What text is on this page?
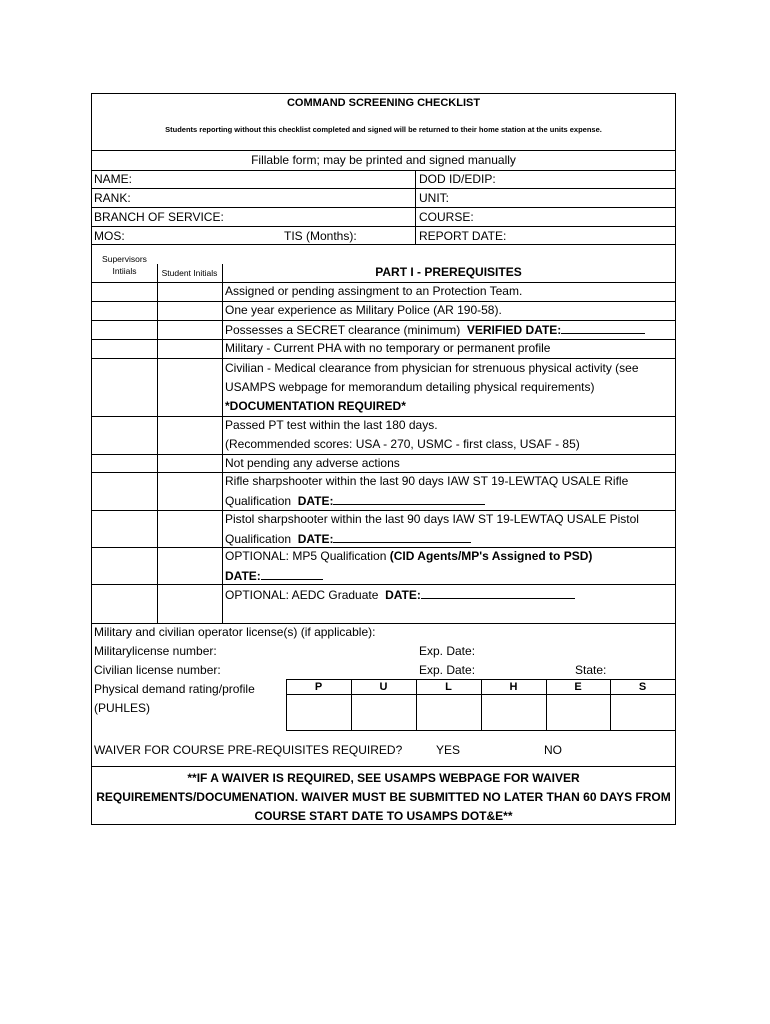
COMMAND SCREENING CHECKLIST
Students reporting without this checklist completed and signed will be returned to their home station at the units expense.
Fillable form; may be printed and signed manually
NAME:	DOD ID/EDIP:
RANK:	UNIT:
BRANCH OF SERVICE:	COURSE:
MOS:	TIS (Months):	REPORT DATE:
Supervisors
Intiials	Student Initials	PART I - PREREQUISITES
Assigned or pending assingment to an Protection Team.
One year experience as Military Police (AR 190-58).
Possesses a SECRET clearance (minimum)  VERIFIED DATE:
Military - Current PHA with no temporary or permanent profile
Civilian - Medical clearance from physician for strenuous physical activity (see
USAMPS webpage for memorandum detailing physical requirements)
*DOCUMENTATION REQUIRED*
Passed PT test within the last 180 days.
(Recommended scores: USA - 270, USMC - first class, USAF - 85)
Not pending any adverse actions
Rifle sharpshooter within the last 90 days IAW ST 19-LEWTAQ USALE Rifle
Qualification  DATE:
Pistol sharpshooter within the last 90 days IAW ST 19-LEWTAQ USALE Pistol
Qualification  DATE:
OPTIONAL: MP5 Qualification (CID Agents/MP's Assigned to PSD)
DATE:
OPTIONAL: AEDC Graduate  DATE:
Military and civilian operator license(s) (if applicable):
Militarylicense number:	Exp. Date:
Civilian license number:	Exp. Date:	State:
Physical demand rating/profile
(PUHLES)
P	U	L	H	E	S
WAIVER FOR COURSE PRE-REQUISITES REQUIRED?	YES	NO
**IF A WAIVER IS REQUIRED, SEE USAMPS WEBPAGE FOR WAIVER
REQUIREMENTS/DOCUMENATION. WAIVER MUST BE SUBMITTED NO LATER THAN 60 DAYS FROM
COURSE START DATE TO USAMPS DOT&E**
